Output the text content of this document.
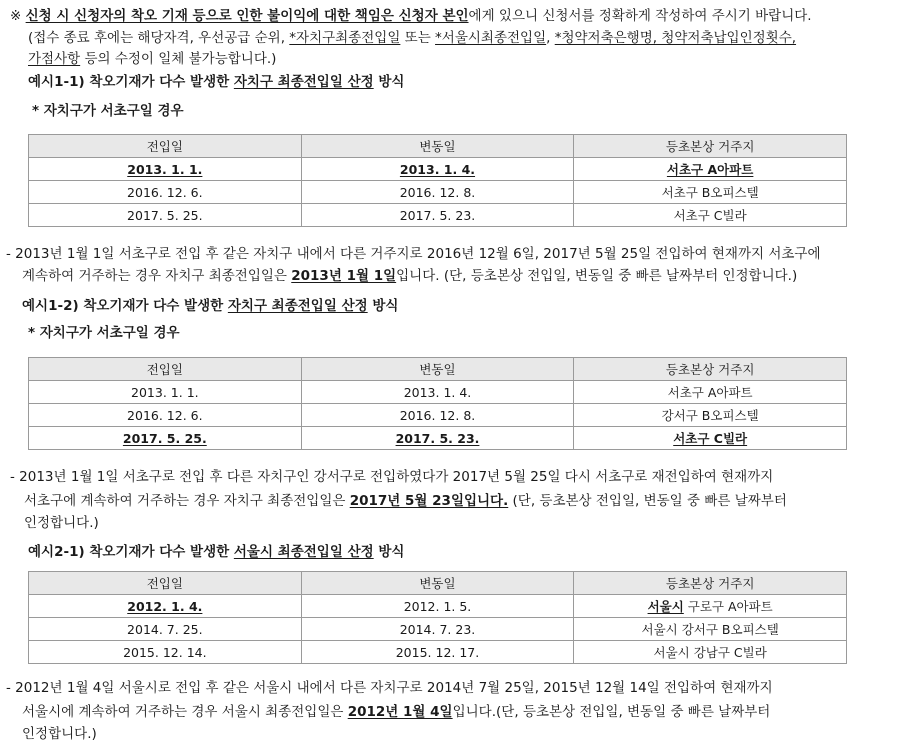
※ 신청 시 신청자의 착오 기재 등으로 인한 불이익에 대한 책임은 신청자 본인에게 있으니 신청서를 정확하게 작성하여 주시기 바랍니다.
(접수 종료 후에는 해당자격, 우선공급 순위, *자치구최종전입일 또는 *서울시최종전입일, *청약저축은행명, 청약저축납입인정횟수,
가점사항 등의 수정이 일체 불가능합니다.)
예시1-1) 착오기재가 다수 발생한 자치구 최종전입일 산정 방식
* 자치구가 서초구일 경우
전입일	변동일	등초본상 거주지
2013. 1. 1.	2013. 1. 4.	서초구 A아파트
2016. 12. 6.	2016. 12. 8.	서초구 B오피스텔
2017. 5. 25.	2017. 5. 23.	서초구 C빌라
- 2013년 1월 1일 서초구로 전입 후 같은 자치구 내에서 다른 거주지로 2016년 12월 6일, 2017년 5월 25일 전입하여 현재까지 서초구에
계속하여 거주하는 경우 자치구 최종전입일은 2013년 1월 1일입니다. (단, 등초본상 전입일, 변동일 중 빠른 날짜부터 인정합니다.)
예시1-2) 착오기재가 다수 발생한 자치구 최종전입일 산정 방식
* 자치구가 서초구일 경우
전입일	변동일	등초본상 거주지
2013. 1. 1.	2013. 1. 4.	서초구 A아파트
2016. 12. 6.	2016. 12. 8.	강서구 B오피스텔
2017. 5. 25.	2017. 5. 23.	서초구 C빌라
- 2013년 1월 1일 서초구로 전입 후 다른 자치구인 강서구로 전입하였다가 2017년 5월 25일 다시 서초구로 재전입하여 현재까지
서초구에 계속하여 거주하는 경우 자치구 최종전입일은 2017년 5월 23일입니다. (단, 등초본상 전입일, 변동일 중 빠른 날짜부터
인정합니다.)
예시2-1) 착오기재가 다수 발생한 서울시 최종전입일 산정 방식
전입일	변동일	등초본상 거주지
2012. 1. 4.	2012. 1. 5.	서울시 구로구 A아파트
2014. 7. 25.	2014. 7. 23.	서울시 강서구 B오피스텔
2015. 12. 14.	2015. 12. 17.	서울시 강남구 C빌라
- 2012년 1월 4일 서울시로 전입 후 같은 서울시 내에서 다른 자치구로 2014년 7월 25일, 2015년 12월 14일 전입하여 현재까지
서울시에 계속하여 거주하는 경우 서울시 최종전입일은 2012년 1월 4일입니다.(단, 등초본상 전입일, 변동일 중 빠른 날짜부터
인정합니다.)
